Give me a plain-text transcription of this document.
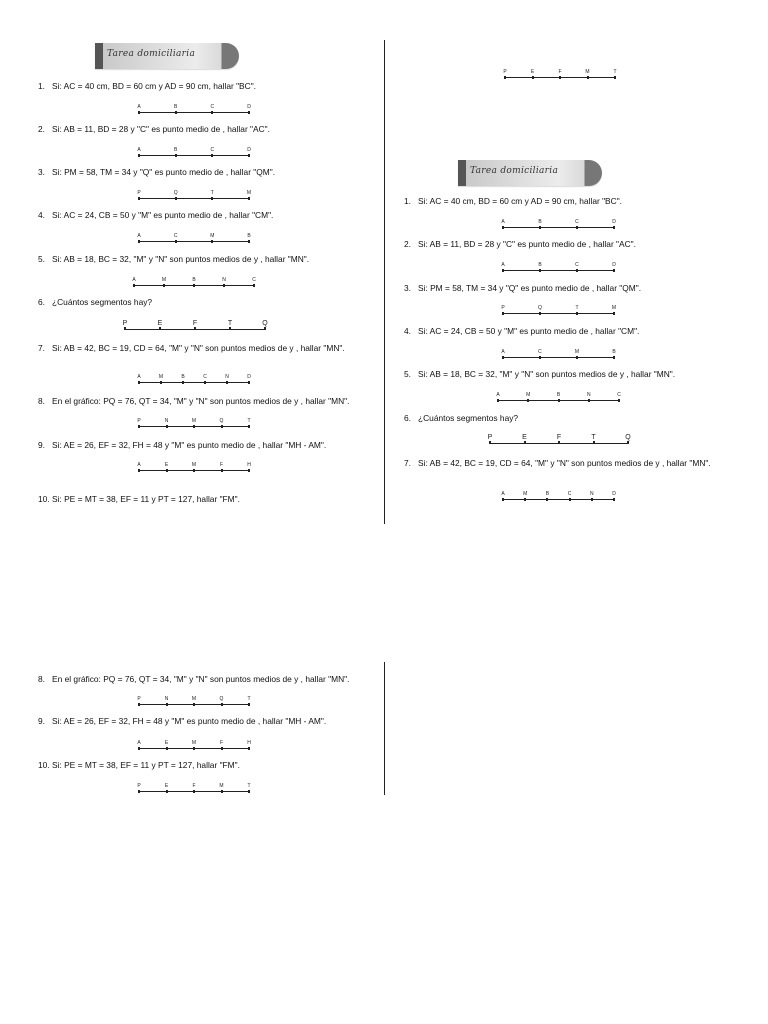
Tarea domiciliaria
1. Si: AC = 40 cm, BD = 60 cm y AD = 90 cm, hallar "BC".
A	B	C	D
2. Si: AB = 11, BD = 28 y "C" es punto medio de , hallar "AC".
A	B	C	D
3. Si: PM = 58, TM = 34 y "Q" es punto medio de , hallar "QM".
P	Q	T	M
4. Si: AC = 24, CB = 50 y "M" es punto medio de , hallar "CM".
A	C	M	B
5. Si: AB = 18, BC = 32, "M" y "N" son puntos medios de y , hallar "MN".
A	M	B	N	C
6. ¿Cuántos segmentos hay?
P	E	F	T	Q
7. Si: AB = 42, BC = 19, CD = 64, "M" y "N" son puntos medios de y , hallar "MN".
A	M	B	C	N	D
8. En el gráfico: PQ = 76, QT = 34, "M" y "N" son puntos medios de y , hallar "MN".
P	N	M	Q	T
9. Si: AE = 26, EF = 32, FH = 48 y "M" es punto medio de , hallar "MH - AM".
A	E	M	F	H
10. Si: PE = MT = 38, EF = 11 y PT = 127, hallar "FM".
P	E	F	M	T
Tarea domiciliaria
1. Si: AC = 40 cm, BD = 60 cm y AD = 90 cm, hallar "BC".
A	B	C	D
2. Si: AB = 11, BD = 28 y "C" es punto medio de , hallar "AC".
A	B	C	D
3. Si: PM = 58, TM = 34 y "Q" es punto medio de , hallar "QM".
P	Q	T	M
4. Si: AC = 24, CB = 50 y "M" es punto medio de , hallar "CM".
A	C	M	B
5. Si: AB = 18, BC = 32, "M" y "N" son puntos medios de y , hallar "MN".
A	M	B	N	C
6. ¿Cuántos segmentos hay?
P	E	F	T	Q
7. Si: AB = 42, BC = 19, CD = 64, "M" y "N" son puntos medios de y , hallar "MN".
A	M	B	C	N	D
8. En el gráfico: PQ = 76, QT = 34, "M" y "N" son puntos medios de y , hallar "MN".
P	N	M	Q	T
9. Si: AE = 26, EF = 32, FH = 48 y "M" es punto medio de , hallar "MH - AM".
A	E	M	F	H
10. Si: PE = MT = 38, EF = 11 y PT = 127, hallar "FM".
P	E	F	M	T
